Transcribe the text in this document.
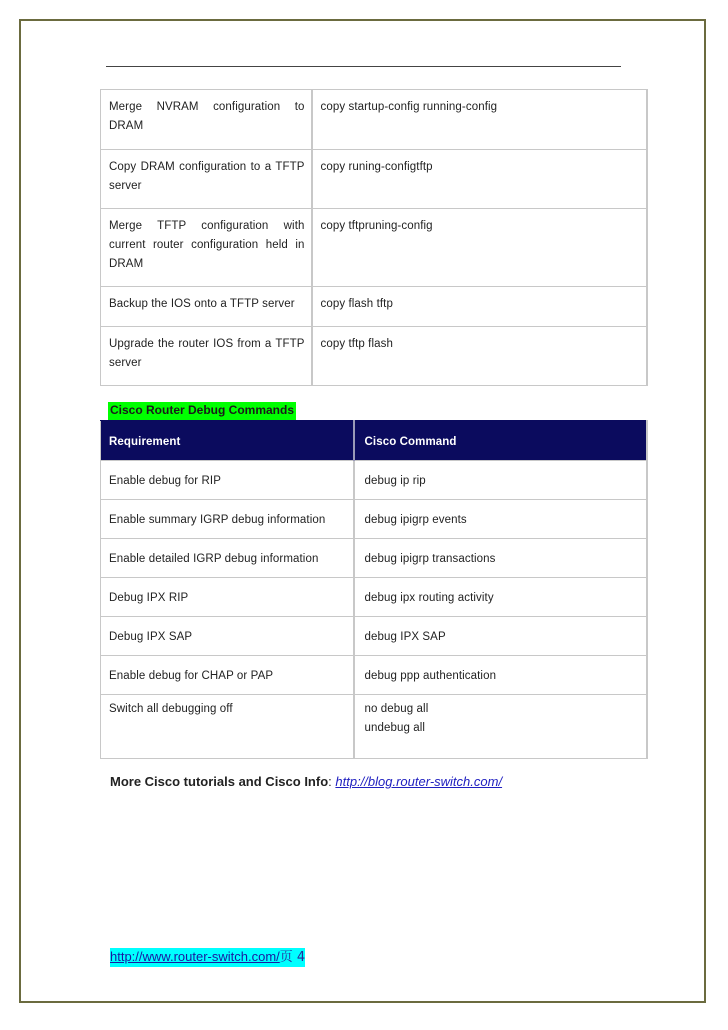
Merge NVRAM configuration to DRAM	copy startup-config running-config
Copy DRAM configuration to a TFTP server	copy runing-configtftp
Merge TFTP configuration with current router configuration held in DRAM	copy tftpruning-config
Backup the IOS onto a TFTP server	copy flash tftp
Upgrade the router IOS from a TFTP server	copy tftp flash
Cisco Router Debug Commands
Requirement	Cisco Command
Enable debug for RIP	debug ip rip
Enable summary IGRP debug information	debug ipigrp events
Enable detailed IGRP debug information	debug ipigrp transactions
Debug IPX RIP	debug ipx routing activity
Debug IPX SAP	debug IPX SAP
Enable debug for CHAP or PAP	debug ppp authentication
Switch all debugging off	no debug all
undebug all
More Cisco tutorials and Cisco Info: http://blog.router-switch.com/
http://www.router-switch.com/页 4
